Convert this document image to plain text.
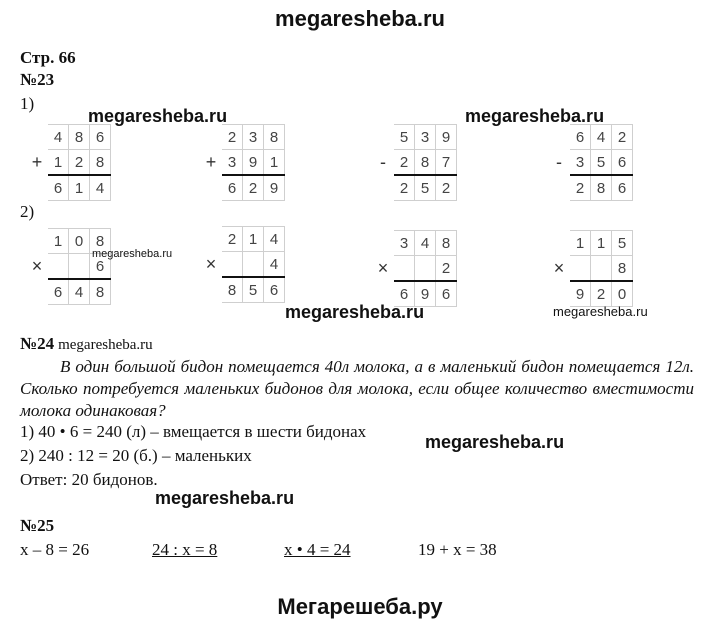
megaresheba.ru
Стр. 66
№23
1)
megaresheba.ru	megaresheba.ru
	4	8	6
+	1	2	8
	6	1	4
	2	3	8
+	3	9	1
	6	2	9
	5	3	9
-	2	8	7
	2	5	2
	6	4	2
-	3	5	6
	2	8	6
2)
	1	0	8
×			6
	6	4	8
megaresheba.ru
	2	1	4
×			4
	8	5	6
	3	4	8
×			2
	6	9	6
	1	1	5
×			8
	9	2	0
megaresheba.ru	megaresheba.ru
№24 megaresheba.ru
В один большой бидон помещается 40л молока, а в маленький бидон помещается 12л. Сколько потребуется маленьких бидонов для молока, если общее количество вместимости молока одинаковая?
1) 40 • 6 = 240 (л) – вмещается в шести бидонах
megaresheba.ru
2) 240 : 12 = 20 (б.) – маленьких
Ответ: 20 бидонов.
megaresheba.ru
№25
х – 8 = 26	24 : х = 8	х • 4 = 24	19 + х = 38
Мегарешеба.ру
